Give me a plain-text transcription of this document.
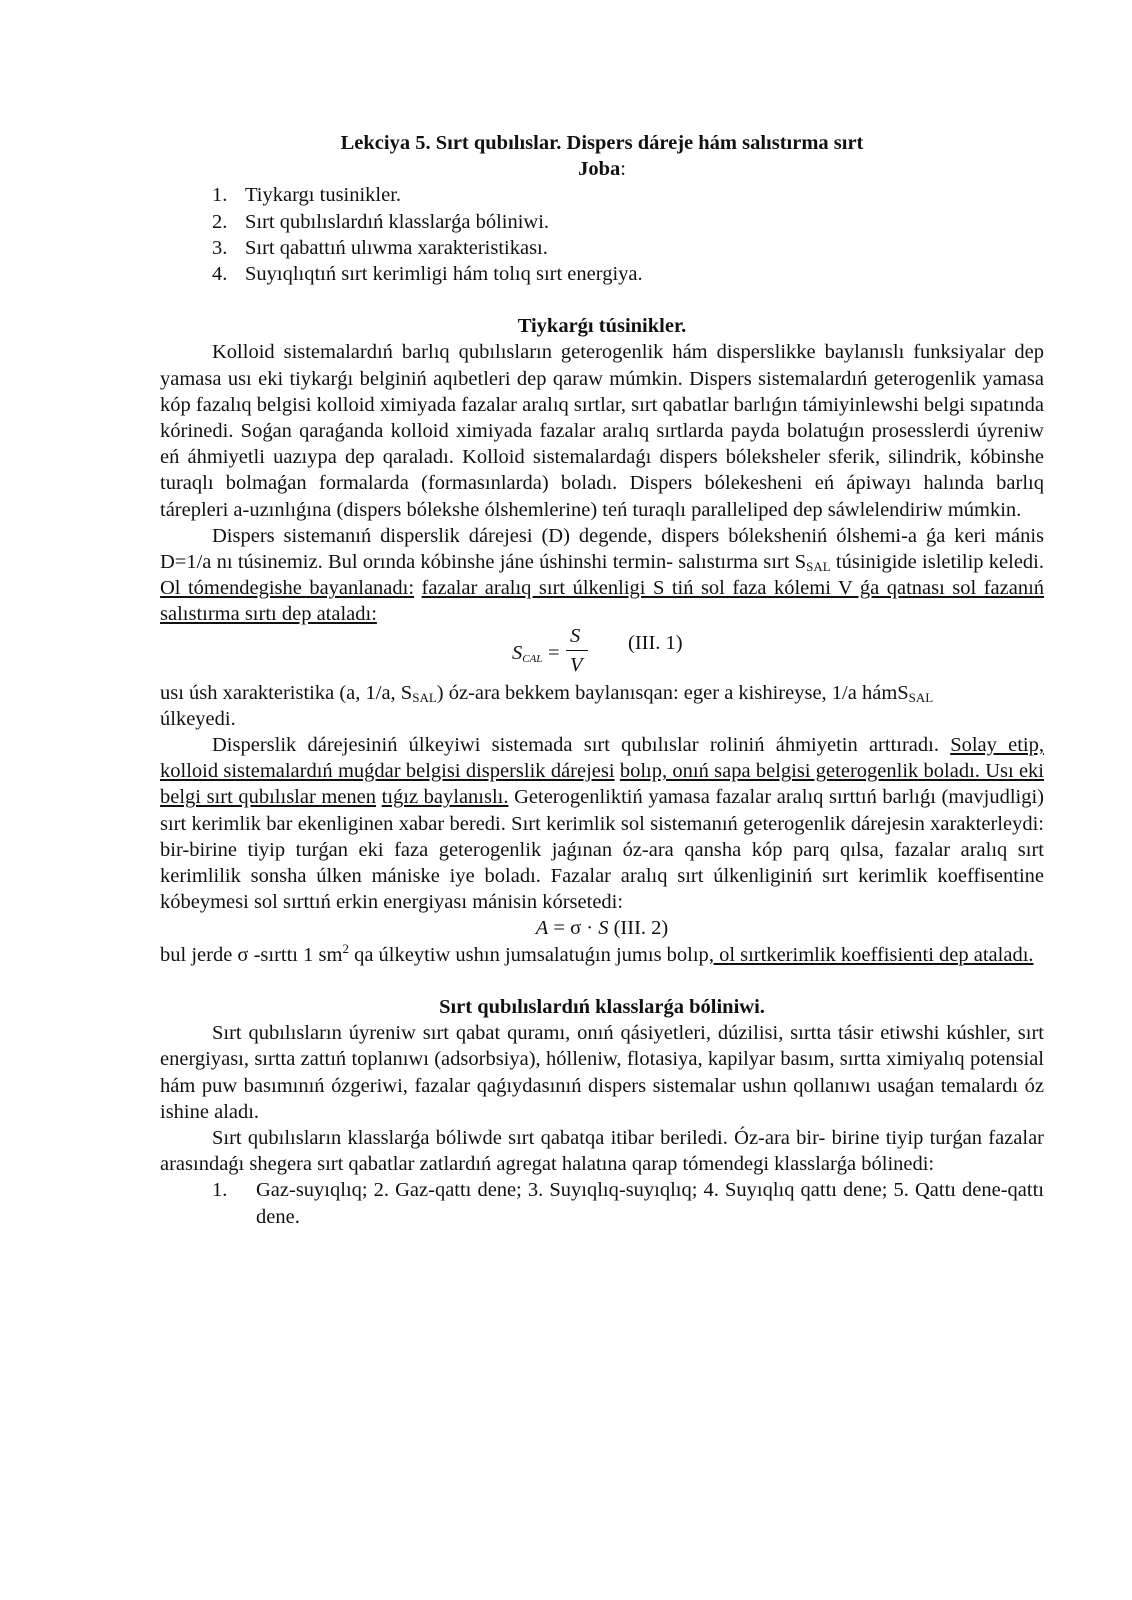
Lekciya 5. Sırt qubılıslar. Dispers dáreje hám salıstırma sırt

Joba:

1. Tiykargı tusinikler.
2. Sırt qubılıslardıń klasslarǵa bóliniwi.
3. Sırt qabattıń ulıwma xarakteristikası.
4. Suyıqlıqtıń sırt kerimligi hám tolıq sırt energiya.

Tiykarǵı túsinikler.

Kolloid sistemalardıń barlıq qubılısların geterogenlik hám disperslikke baylanıslı funksiyalar dep yamasa usı eki tiykarǵı belginiń aqıbetleri dep qaraw múmkin. Dispers sistemalardıń geterogenlik yamasa kóp fazalıq belgisi kolloid ximiyada fazalar aralıq sırtlar, sırt qabatlar barlıǵın támiyinlewshi belgi sıpatında kórinedi. Soǵan qaraǵanda kolloid ximiyada fazalar aralıq sırtlarda payda bolatuǵın prosesslerdi úyreniw eń áhmiyetli uazıypa dep qaraladı. Kolloid sistemalardaǵı dispers bóleksheler sferik, silindrik, kóbinshe turaqlı bolmaǵan formalarda (formasınlarda) boladı. Dispers bólekesheni eń ápiwayı halında barlıq tárepleri a-uzınlıǵına (dispers bólekshe ólshemlerine) teń turaqlı paralleliped dep sáwlelendiriw múmkin.

Dispers sistemanıń disperslik dárejesi (D) degende, dispers bóleksheniń ólshemi-a ǵa keri mánis D=1/a nı túsinemiz. Bul orında kóbinshe jáne úshinshi termin- salıstırma sırt $S_{SAL}$ túsinigide isletilip keledi. Ol tómendegishe bayanlanadı: fazalar aralıq sırt úlkenligi S tiń sol faza kólemi V ǵa qatnası sol fazanıń salıstırma sırtı dep ataladı:

$S_{CAL}$ =
S
V
(III. 1)

usı úsh xarakteristika (a, 1/a, $S_{SAL}$) óz-ara bekkem baylanısqan: eger a kishireyse, 1/a hámS$_{SAL}$
úlkeyedi.

Disperslik dárejesiniń úlkeyiwi sistemada sırt qubılıslar roliniń áhmiyetin arttıradı. Solay etip, kolloid sistemalardıń muǵdar belgisi disperslik dárejesi bolıp, onıń sapa belgisi geterogenlik boladı. Usı eki belgi sırt qubılıslar menen tıǵız baylanıslı. Geterogenliktiń yamasa fazalar aralıq sırttıń barlıǵı (mavjudligi) sırt kerimlik bar ekenliginen xabar beredi. Sırt kerimlik sol sistemanıń geterogenlik dárejesin xarakterleydi: bir-birine tiyip turǵan eki faza geterogenlik jaǵınan óz-ara qansha kóp parq qılsa, fazalar aralıq sırt kerimlilik sonsha úlken mániske iye boladı. Fazalar aralıq sırt úlkenliginiń sırt kerimlik koeffisentine kóbeymesi sol sırttıń erkin energiyası mánisin kórsetedi:

A = σ · S (III. 2)

bul jerde σ -sırttı 1 $sm^2$ qa úlkeytiw ushın jumsalatuǵın jumıs bolıp, ol sırtkerimlik koeffisienti dep ataladı.

Sırt qubılıslardıń klasslarǵa bóliniwi.

Sırt qubılısların úyreniw sırt qabat quramı, onıń qásiyetleri, dúzilisi, sırtta tásir etiwshi kúshler, sırt energiyası, sırtta zattıń toplanıwı (adsorbsiya), hólleniw, flotasiya, kapilyar basım, sırtta ximiyalıq potensial hám puw basımınıń ózgeriwi, fazalar qaǵıydasınıń dispers sistemalar ushın qollanıwı usaǵan temalardı óz ishine aladı.

Sırt qubılısların klasslarǵa bóliwde sırt qabatqa itibar beriledi. Óz-ara bir- birine tiyip turǵan fazalar arasındaǵı shegera sırt qabatlar zatlardıń agregat halatına qarap tómendegi klasslarǵa bólinedi:

1. Gaz-suyıqlıq; 2. Gaz-qattı dene; 3. Suyıqlıq-suyıqlıq; 4. Suyıqlıq qattı dene; 5. Qattı dene-qattı dene.
